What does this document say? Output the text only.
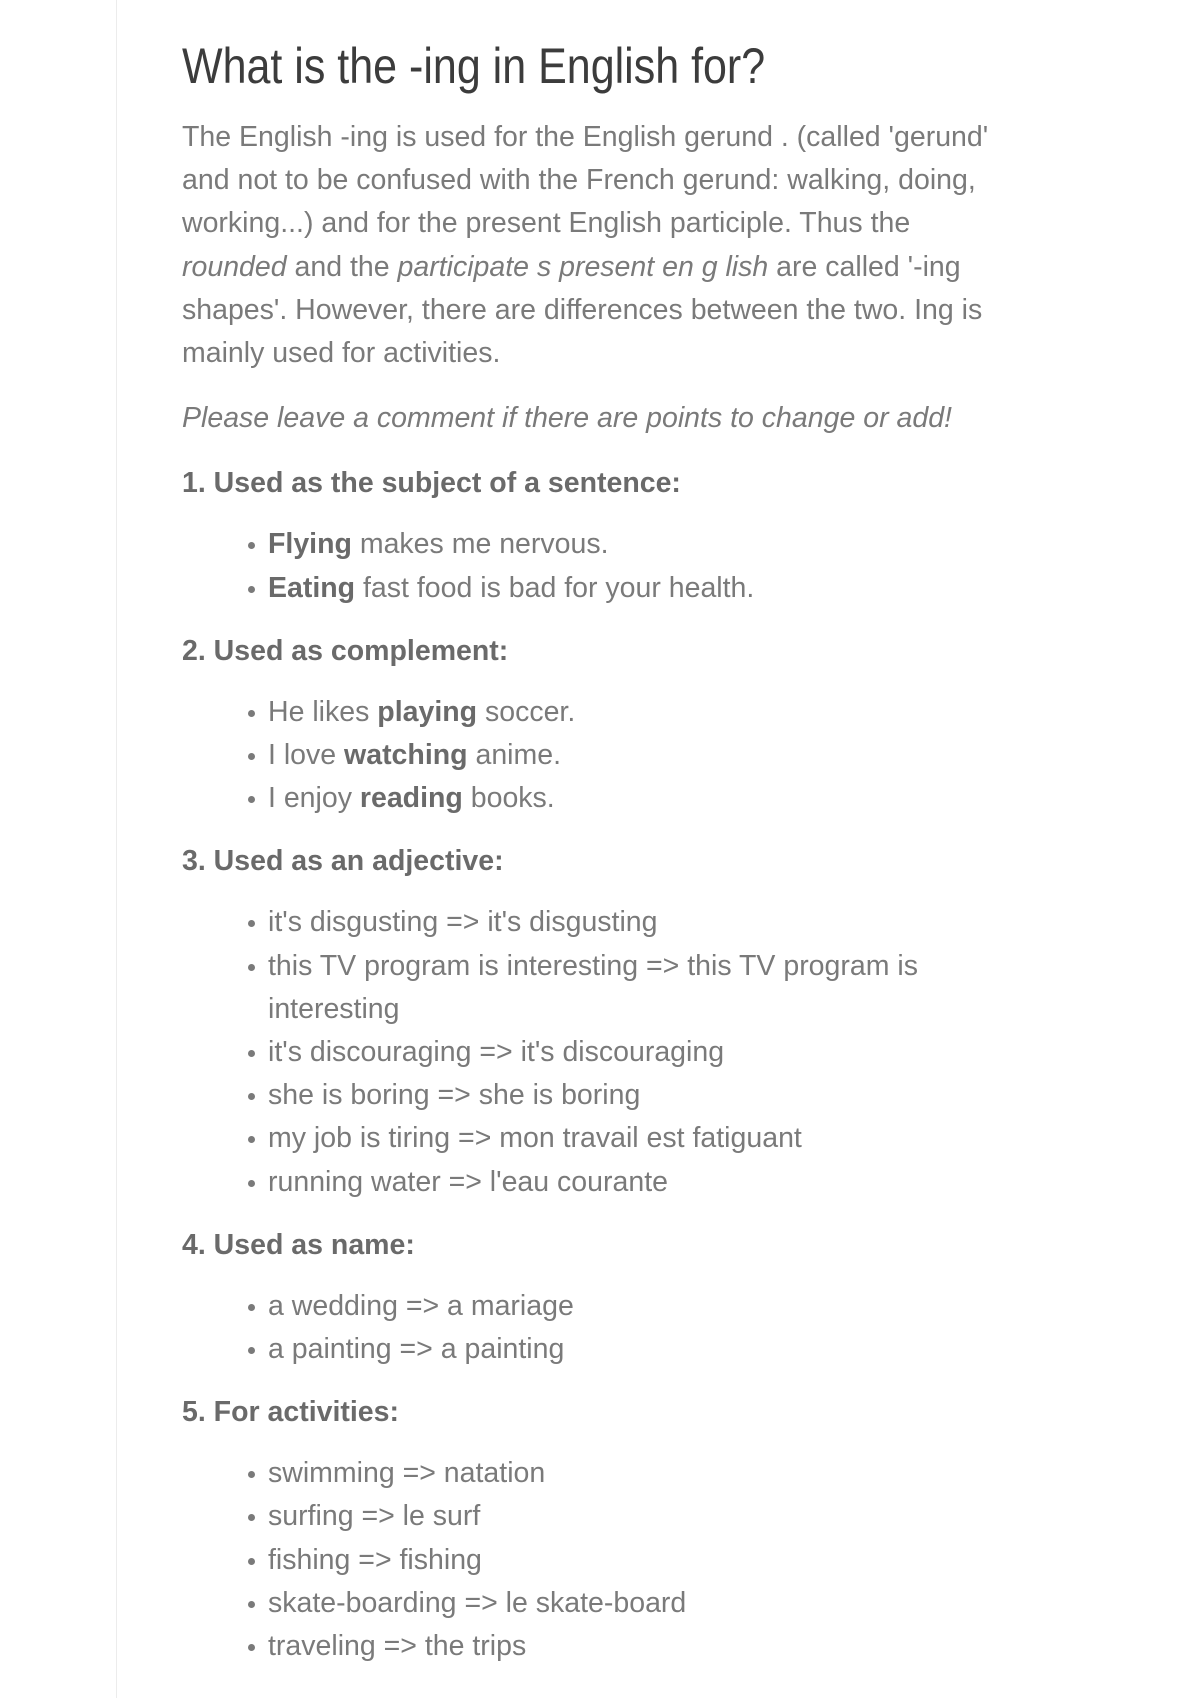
What is the -ing in English for?

The English -ing is used for the English gerund . (called 'gerund' and not to be confused with the French gerund: walking, doing, working...) and for the present English participle. Thus the rounded and the participate s present en g lish are called '-ing shapes'. However, there are differences between the two. Ing is mainly used for activities.

Please leave a comment if there are points to change or add!

1. Used as the subject of a sentence:
Flying makes me nervous.
Eating fast food is bad for your health.
2. Used as complement:
He likes playing soccer.
I love watching anime.
I enjoy reading books.
3. Used as an adjective:
it's disgusting => it's disgusting
this TV program is interesting => this TV program is interesting
it's discouraging => it's discouraging
she is boring => she is boring
my job is tiring => mon travail est fatiguant
running water => l'eau courante
4. Used as name:
a wedding => a mariage
a painting => a painting
5. For activities:
swimming => natation
surfing => le surf
fishing => fishing
skate-boarding => le skate-board
traveling => the trips
